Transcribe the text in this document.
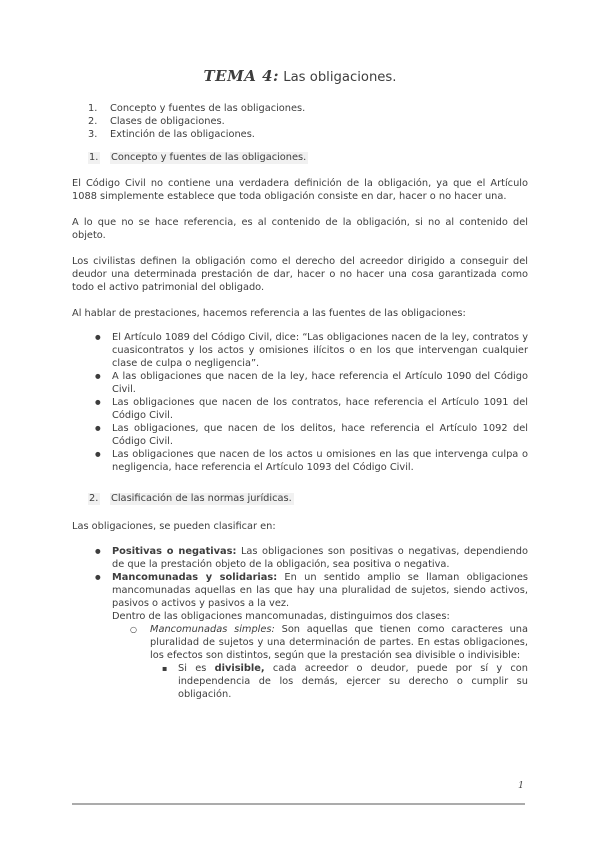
TEMA 4: Las obligaciones.
1.	Concepto y fuentes de las obligaciones.
2.	Clases de obligaciones.
3.	Extinción de las obligaciones.
1.	Concepto y fuentes de las obligaciones.
El Código Civil no contiene una verdadera definición de la obligación, ya que el Artículo 1088 simplemente establece que toda obligación consiste en dar, hacer o no hacer una.
A lo que no se hace referencia, es al contenido de la obligación, si no al contenido del objeto.
Los civilistas definen la obligación como el derecho del acreedor dirigido a conseguir del deudor una determinada prestación de dar, hacer o no hacer una cosa garantizada como todo el activo patrimonial del obligado.
Al hablar de prestaciones, hacemos referencia a las fuentes de las obligaciones:
●	El Artículo 1089 del Código Civil, dice: “Las obligaciones nacen de la ley, contratos y cuasicontratos y los actos y omisiones ilícitos o en los que intervengan cualquier clase de culpa o negligencia”.
●	A las obligaciones que nacen de la ley, hace referencia el Artículo 1090 del Código Civil.
●	Las obligaciones que nacen de los contratos, hace referencia el Artículo 1091 del Código Civil.
●	Las obligaciones, que nacen de los delitos, hace referencia el Artículo 1092 del Código Civil.
●	Las obligaciones que nacen de los actos u omisiones en las que intervenga culpa o negligencia, hace referencia el Artículo 1093 del Código Civil.
2.	Clasificación de las normas jurídicas.
Las obligaciones, se pueden clasificar en:
●	Positivas o negativas: Las obligaciones son positivas o negativas, dependiendo de que la prestación objeto de la obligación, sea positiva o negativa.
●	Mancomunadas y solidarias: En un sentido amplio se llaman obligaciones mancomunadas aquellas en las que hay una pluralidad de sujetos, siendo activos, pasivos o activos y pasivos a la vez.
Dentro de las obligaciones mancomunadas, distinguimos dos clases:
○	Mancomunadas simples: Son aquellas que tienen como caracteres una pluralidad de sujetos y una determinación de partes. En estas obligaciones, los efectos son distintos, según que la prestación sea divisible o indivisible:
▪	Si es divisible, cada acreedor o deudor, puede por sí y con independencia de los demás, ejercer su derecho o cumplir su obligación.
1
